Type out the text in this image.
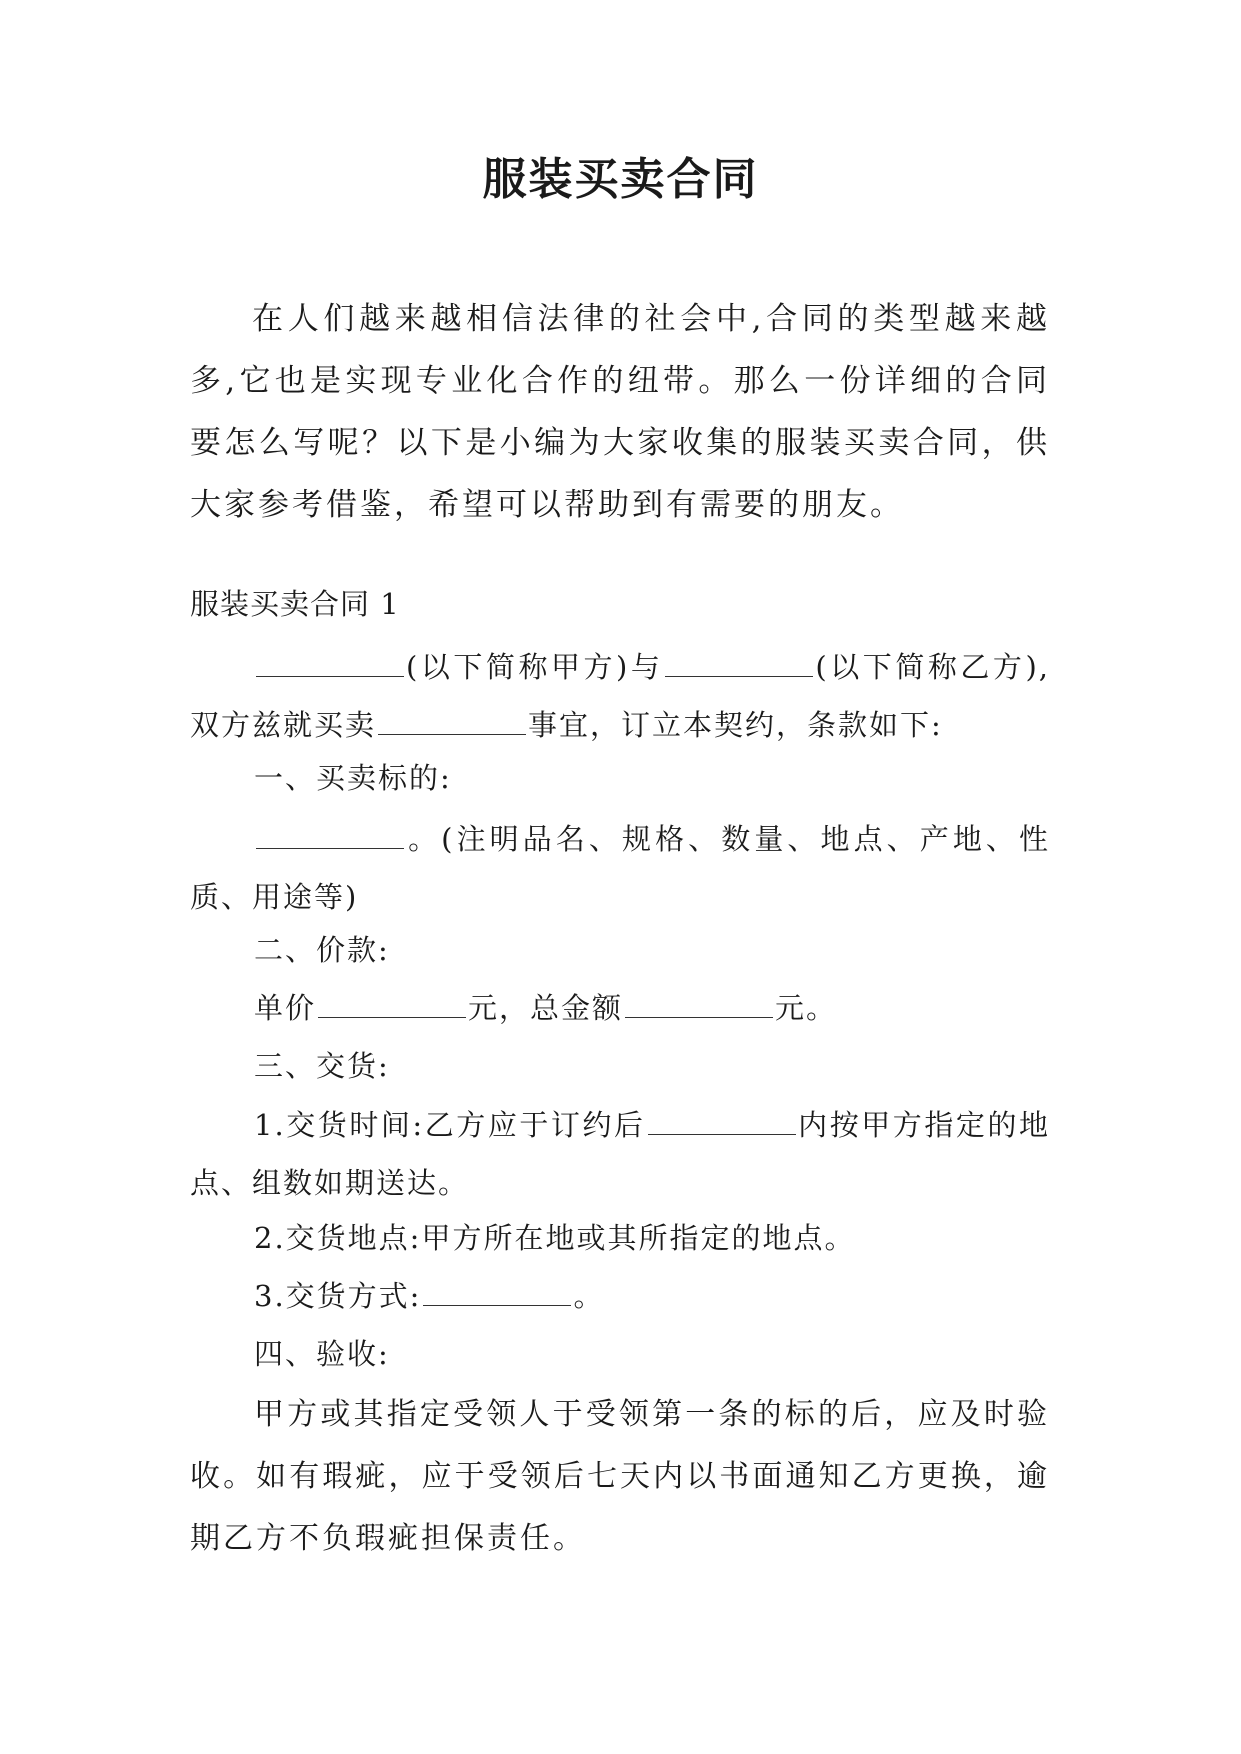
服装买卖合同

在人们越来越相信法律的社会中,合同的类型越来越多,它也是实现专业化合作的纽带。那么一份详细的合同要怎么写呢？以下是小编为大家收集的服装买卖合同，供大家参考借鉴，希望可以帮助到有需要的朋友。

服装买卖合同 1

(以下简称甲方)与	(以下简称乙方),双方兹就买卖	事宜，订立本契约，条款如下:

一、买卖标的:

。(注明品名、规格、数量、地点、产地、性质、用途等)

二、价款:
单价	元，总金额	元。
三、交货:

1.交货时间:乙方应于订约后	内按甲方指定的地点、组数如期送达。

2.交货地点:甲方所在地或其所指定的地点。
3.交货方式:	。
四、验收:

甲方或其指定受领人于受领第一条的标的后，应及时验收。如有瑕疵，应于受领后七天内以书面通知乙方更换，逾期乙方不负瑕疵担保责任。
